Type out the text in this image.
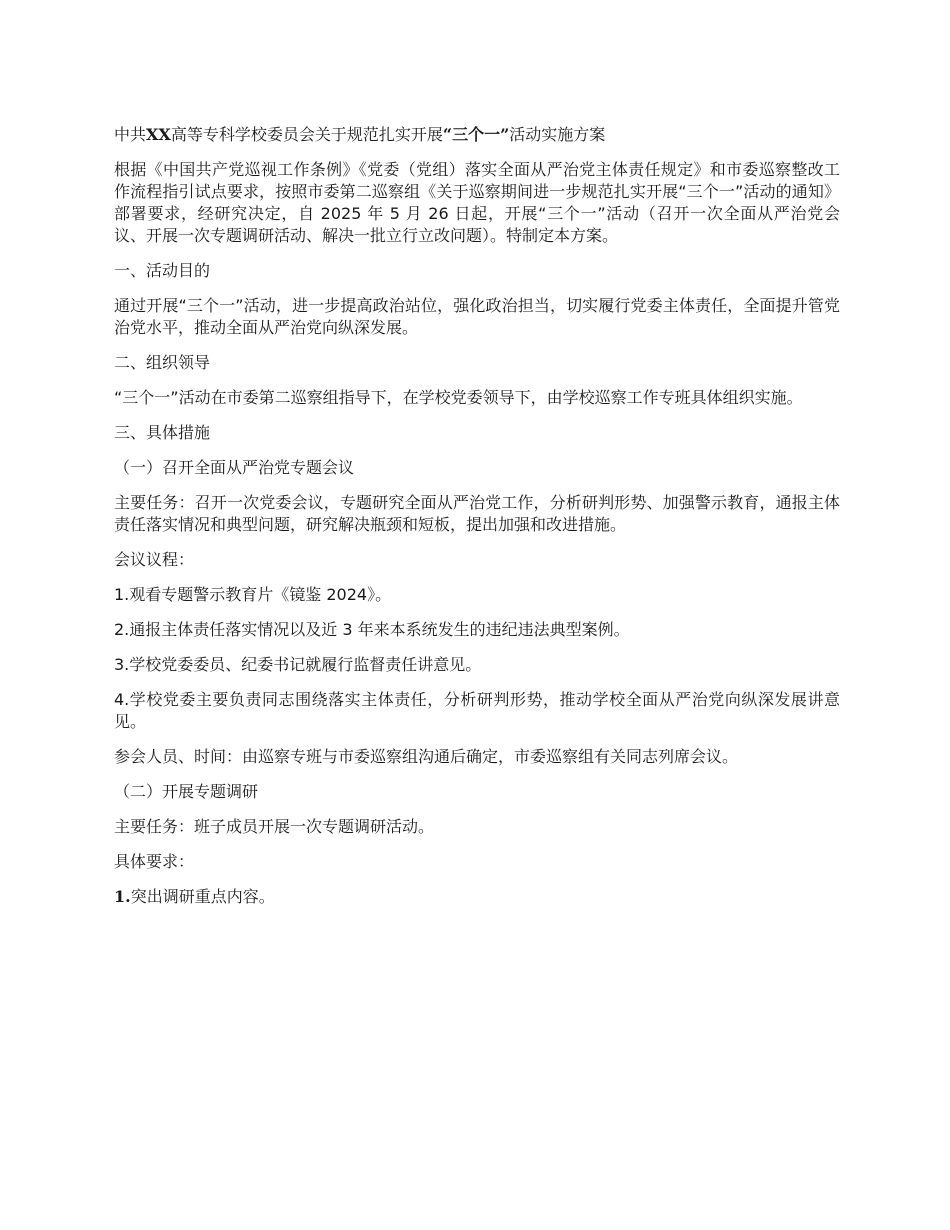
中共XX高等专科学校委员会关于规范扎实开展“三个一”活动实施方案

根据《中国共产党巡视工作条例》《党委（党组）落实全面从严治党主体责任规定》和市委巡察整改工作流程指引试点要求，按照市委第二巡察组《关于巡察期间进一步规范扎实开展“三个一”活动的通知》部署要求，经研究决定，自 2025 年 5 月 26 日起，开展“三个一”活动（召开一次全面从严治党会议、开展一次专题调研活动、解决一批立行立改问题）。特制定本方案。

一、活动目的

通过开展“三个一”活动，进一步提高政治站位，强化政治担当，切实履行党委主体责任，全面提升管党治党水平，推动全面从严治党向纵深发展。

二、组织领导

“三个一”活动在市委第二巡察组指导下，在学校党委领导下，由学校巡察工作专班具体组织实施。

三、具体措施

（一）召开全面从严治党专题会议

主要任务：召开一次党委会议，专题研究全面从严治党工作，分析研判形势、加强警示教育，通报主体责任落实情况和典型问题，研究解决瓶颈和短板，提出加强和改进措施。

会议议程：

1.观看专题警示教育片《镜鉴 2024》。

2.通报主体责任落实情况以及近 3 年来本系统发生的违纪违法典型案例。

3.学校党委委员、纪委书记就履行监督责任讲意见。

4.学校党委主要负责同志围绕落实主体责任，分析研判形势，推动学校全面从严治党向纵深发展讲意见。

参会人员、时间：由巡察专班与市委巡察组沟通后确定，市委巡察组有关同志列席会议。

（二）开展专题调研

主要任务：班子成员开展一次专题调研活动。

具体要求：

1.突出调研重点内容。
